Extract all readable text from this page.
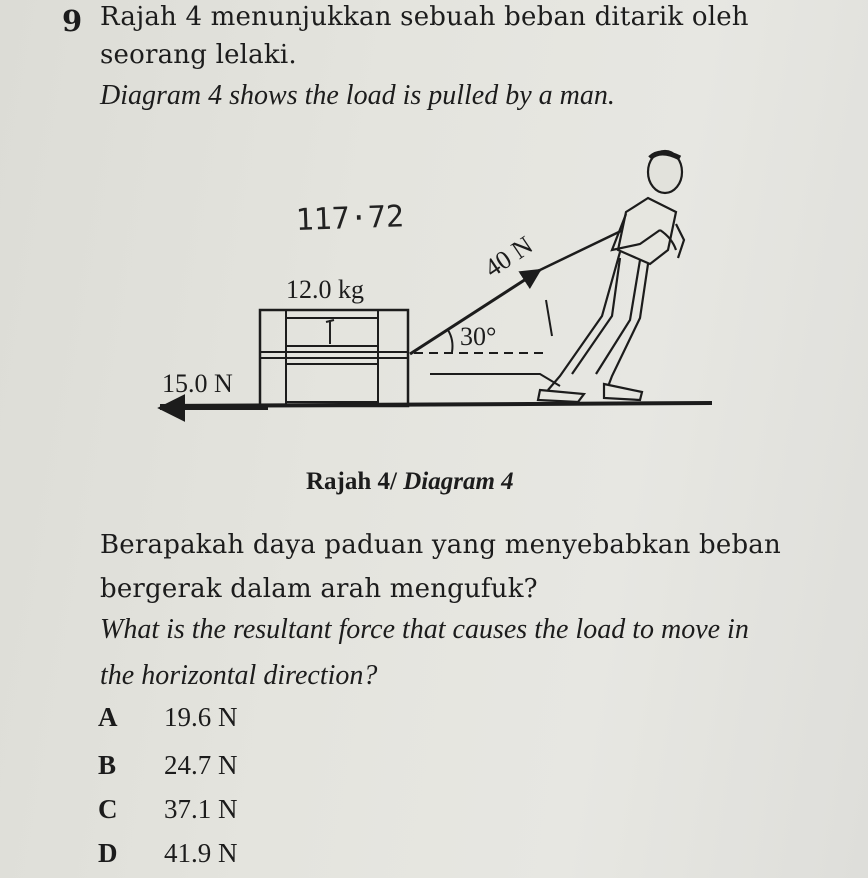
9 Rajah 4 menunjukkan sebuah beban ditarik oleh
seorang lelaki.
Diagram 4 shows the load is pulled by a man.
117·72
12.0 kg
40 N
30°
15.0 N
Rajah 4/ Diagram 4
Berapakah daya paduan yang menyebabkan beban
bergerak dalam arah mengufuk?
What is the resultant force that causes the load to move in
the horizontal direction?
A 19.6 N
B 24.7 N
C 37.1 N
D 41.9 N
